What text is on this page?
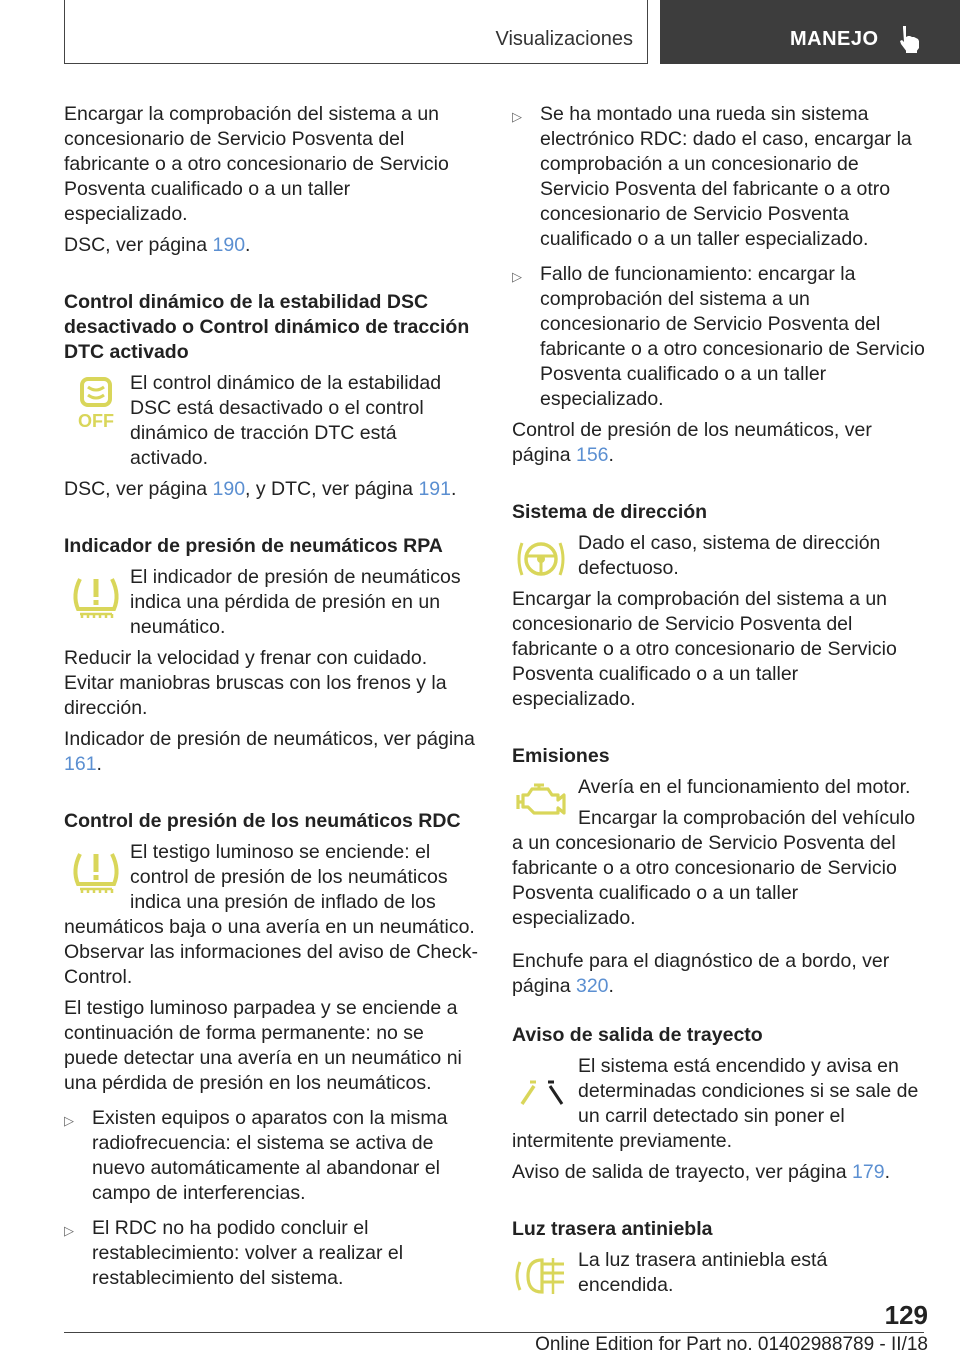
Visualizaciones	MANEJO

Encargar la comprobación del sistema a un concesionario de Servicio Posventa del fabricante o a otro concesionario de Servicio Posventa cualificado o a un taller especializado.

DSC, ver página 190.

Control dinámico de la estabilidad DSC desactivado o Control dinámico de tracción DTC activado

OFF

El control dinámico de la estabilidad DSC está desactivado o el control dinámico de tracción DTC está activado.

DSC, ver página 190, y DTC, ver página 191.

Indicador de presión de neumáticos RPA

El indicador de presión de neumáticos indica una pérdida de presión en un neumático.

Reducir la velocidad y frenar con cuidado. Evitar maniobras bruscas con los frenos y la dirección.

Indicador de presión de neumáticos, ver página 161.

Control de presión de los neumáticos RDC

El testigo luminoso se enciende: el control de presión de los neumáticos indica una presión de inflado de los neumáticos baja o una avería en un neumático. Observar las informaciones del aviso de Check-Control.

El testigo luminoso parpadea y se enciende a continuación de forma permanente: no se puede detectar una avería en un neumático ni una pérdida de presión en los neumáticos.

▷ Existen equipos o aparatos con la misma radiofrecuencia: el sistema se activa de nuevo automáticamente al abandonar el campo de interferencias.
▷ El RDC no ha podido concluir el restablecimiento: volver a realizar el restablecimiento del sistema.
▷ Se ha montado una rueda sin sistema electrónico RDC: dado el caso, encargar la comprobación a un concesionario de Servicio Posventa del fabricante o a otro concesionario de Servicio Posventa cualificado o a un taller especializado.
▷ Fallo de funcionamiento: encargar la comprobación del sistema a un concesionario de Servicio Posventa del fabricante o a otro concesionario de Servicio Posventa cualificado o a un taller especializado.

Control de presión de los neumáticos, ver página 156.

Sistema de dirección

Dado el caso, sistema de dirección defectuoso.

Encargar la comprobación del sistema a un concesionario de Servicio Posventa del fabricante o a otro concesionario de Servicio Posventa cualificado o a un taller especializado.

Emisiones

Avería en el funcionamiento del motor.

Encargar la comprobación del vehículo a un concesionario de Servicio Posventa del fabricante o a otro concesionario de Servicio Posventa cualificado o a un taller especializado.

Enchufe para el diagnóstico de a bordo, ver página 320.

Aviso de salida de trayecto

El sistema está encendido y avisa en determinadas condiciones si se sale de un carril detectado sin poner el intermitente previamente.

Aviso de salida de trayecto, ver página 179.

Luz trasera antiniebla

La luz trasera antiniebla está encendida.

129
Online Edition for Part no. 01402988789 - II/18
